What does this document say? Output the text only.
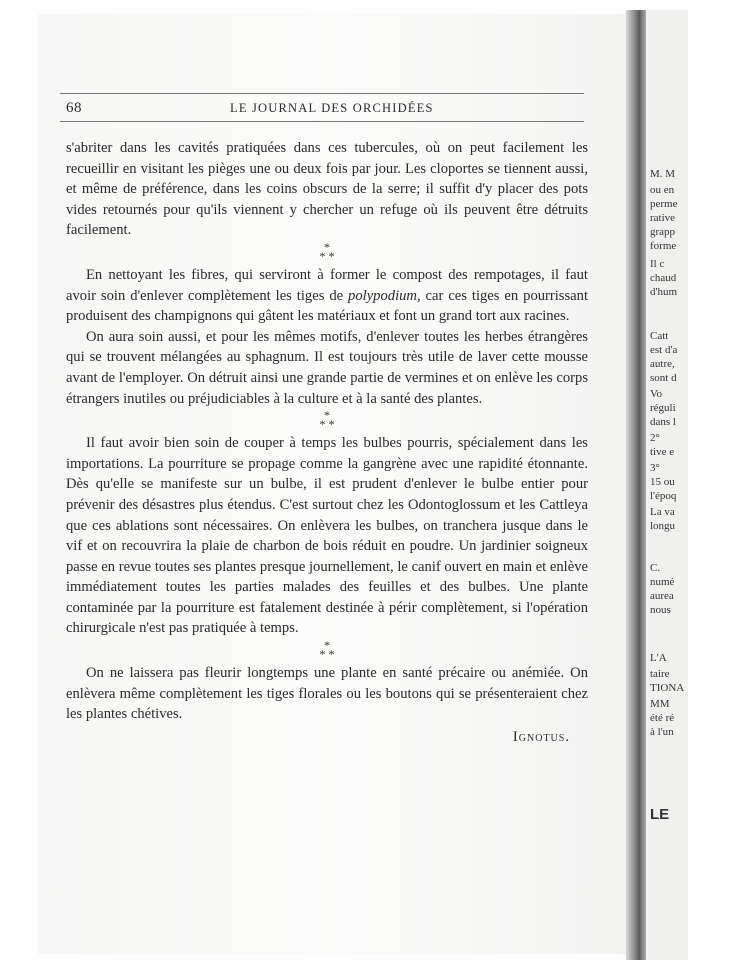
68	LE JOURNAL DES ORCHIDÉES

s'abriter dans les cavités pratiquées dans ces tubercules, où on peut facilement les recueillir en visitant les pièges une ou deux fois par jour. Les cloportes se tiennent aussi, et même de préférence, dans les coins obscurs de la serre; il suffit d'y placer des pots vides retournés pour qu'ils viennent y chercher un refuge où ils peuvent être détruits facilement.

*
* *

En nettoyant les fibres, qui serviront à former le compost des rempotages, il faut avoir soin d'enlever complètement les tiges de polypodium, car ces tiges en pourrissant produisent des champignons qui gâtent les matériaux et font un grand tort aux racines.

On aura soin aussi, et pour les mêmes motifs, d'enlever toutes les herbes étrangères qui se trouvent mélangées au sphagnum. Il est toujours très utile de laver cette mousse avant de l'employer. On détruit ainsi une grande partie de vermines et on enlève les corps étrangers inutiles ou préjudiciables à la culture et à la santé des plantes.

*
* *

Il faut avoir bien soin de couper à temps les bulbes pourris, spécialement dans les importations. La pourriture se propage comme la gangrène avec une rapidité étonnante. Dès qu'elle se manifeste sur un bulbe, il est prudent d'enlever le bulbe entier pour prévenir des désastres plus étendus. C'est surtout chez les Odontoglossum et les Cattleya que ces ablations sont nécessaires. On enlèvera les bulbes, on tranchera jusque dans le vif et on recouvrira la plaie de charbon de bois réduit en poudre. Un jardinier soigneux passe en revue toutes ses plantes presque journellement, le canif ouvert en main et enlève immédiatement toutes les parties malades des feuilles et des bulbes. Une plante contaminée par la pourriture est fatalement destinée à périr complètement, si l'opération chirurgicale n'est pas pratiquée à temps.

*
* *

On ne laissera pas fleurir longtemps une plante en santé précaire ou anémiée. On enlèvera même complètement les tiges florales ou les boutons qui se présenteraient chez les plantes chétives.

Ignotus.
M. M
ou en
perme
rative
grapp
forme
Il c
chaud
d'hum
Catt
est d'a
autre,
sont d
Vo
réguli
dans l
2°
tive e
3°
15 ou
l'époq
La va
longu
C.
numé
aurea
nous
L'A
taire
TIONA
MM
été ré
à l'un
LE
